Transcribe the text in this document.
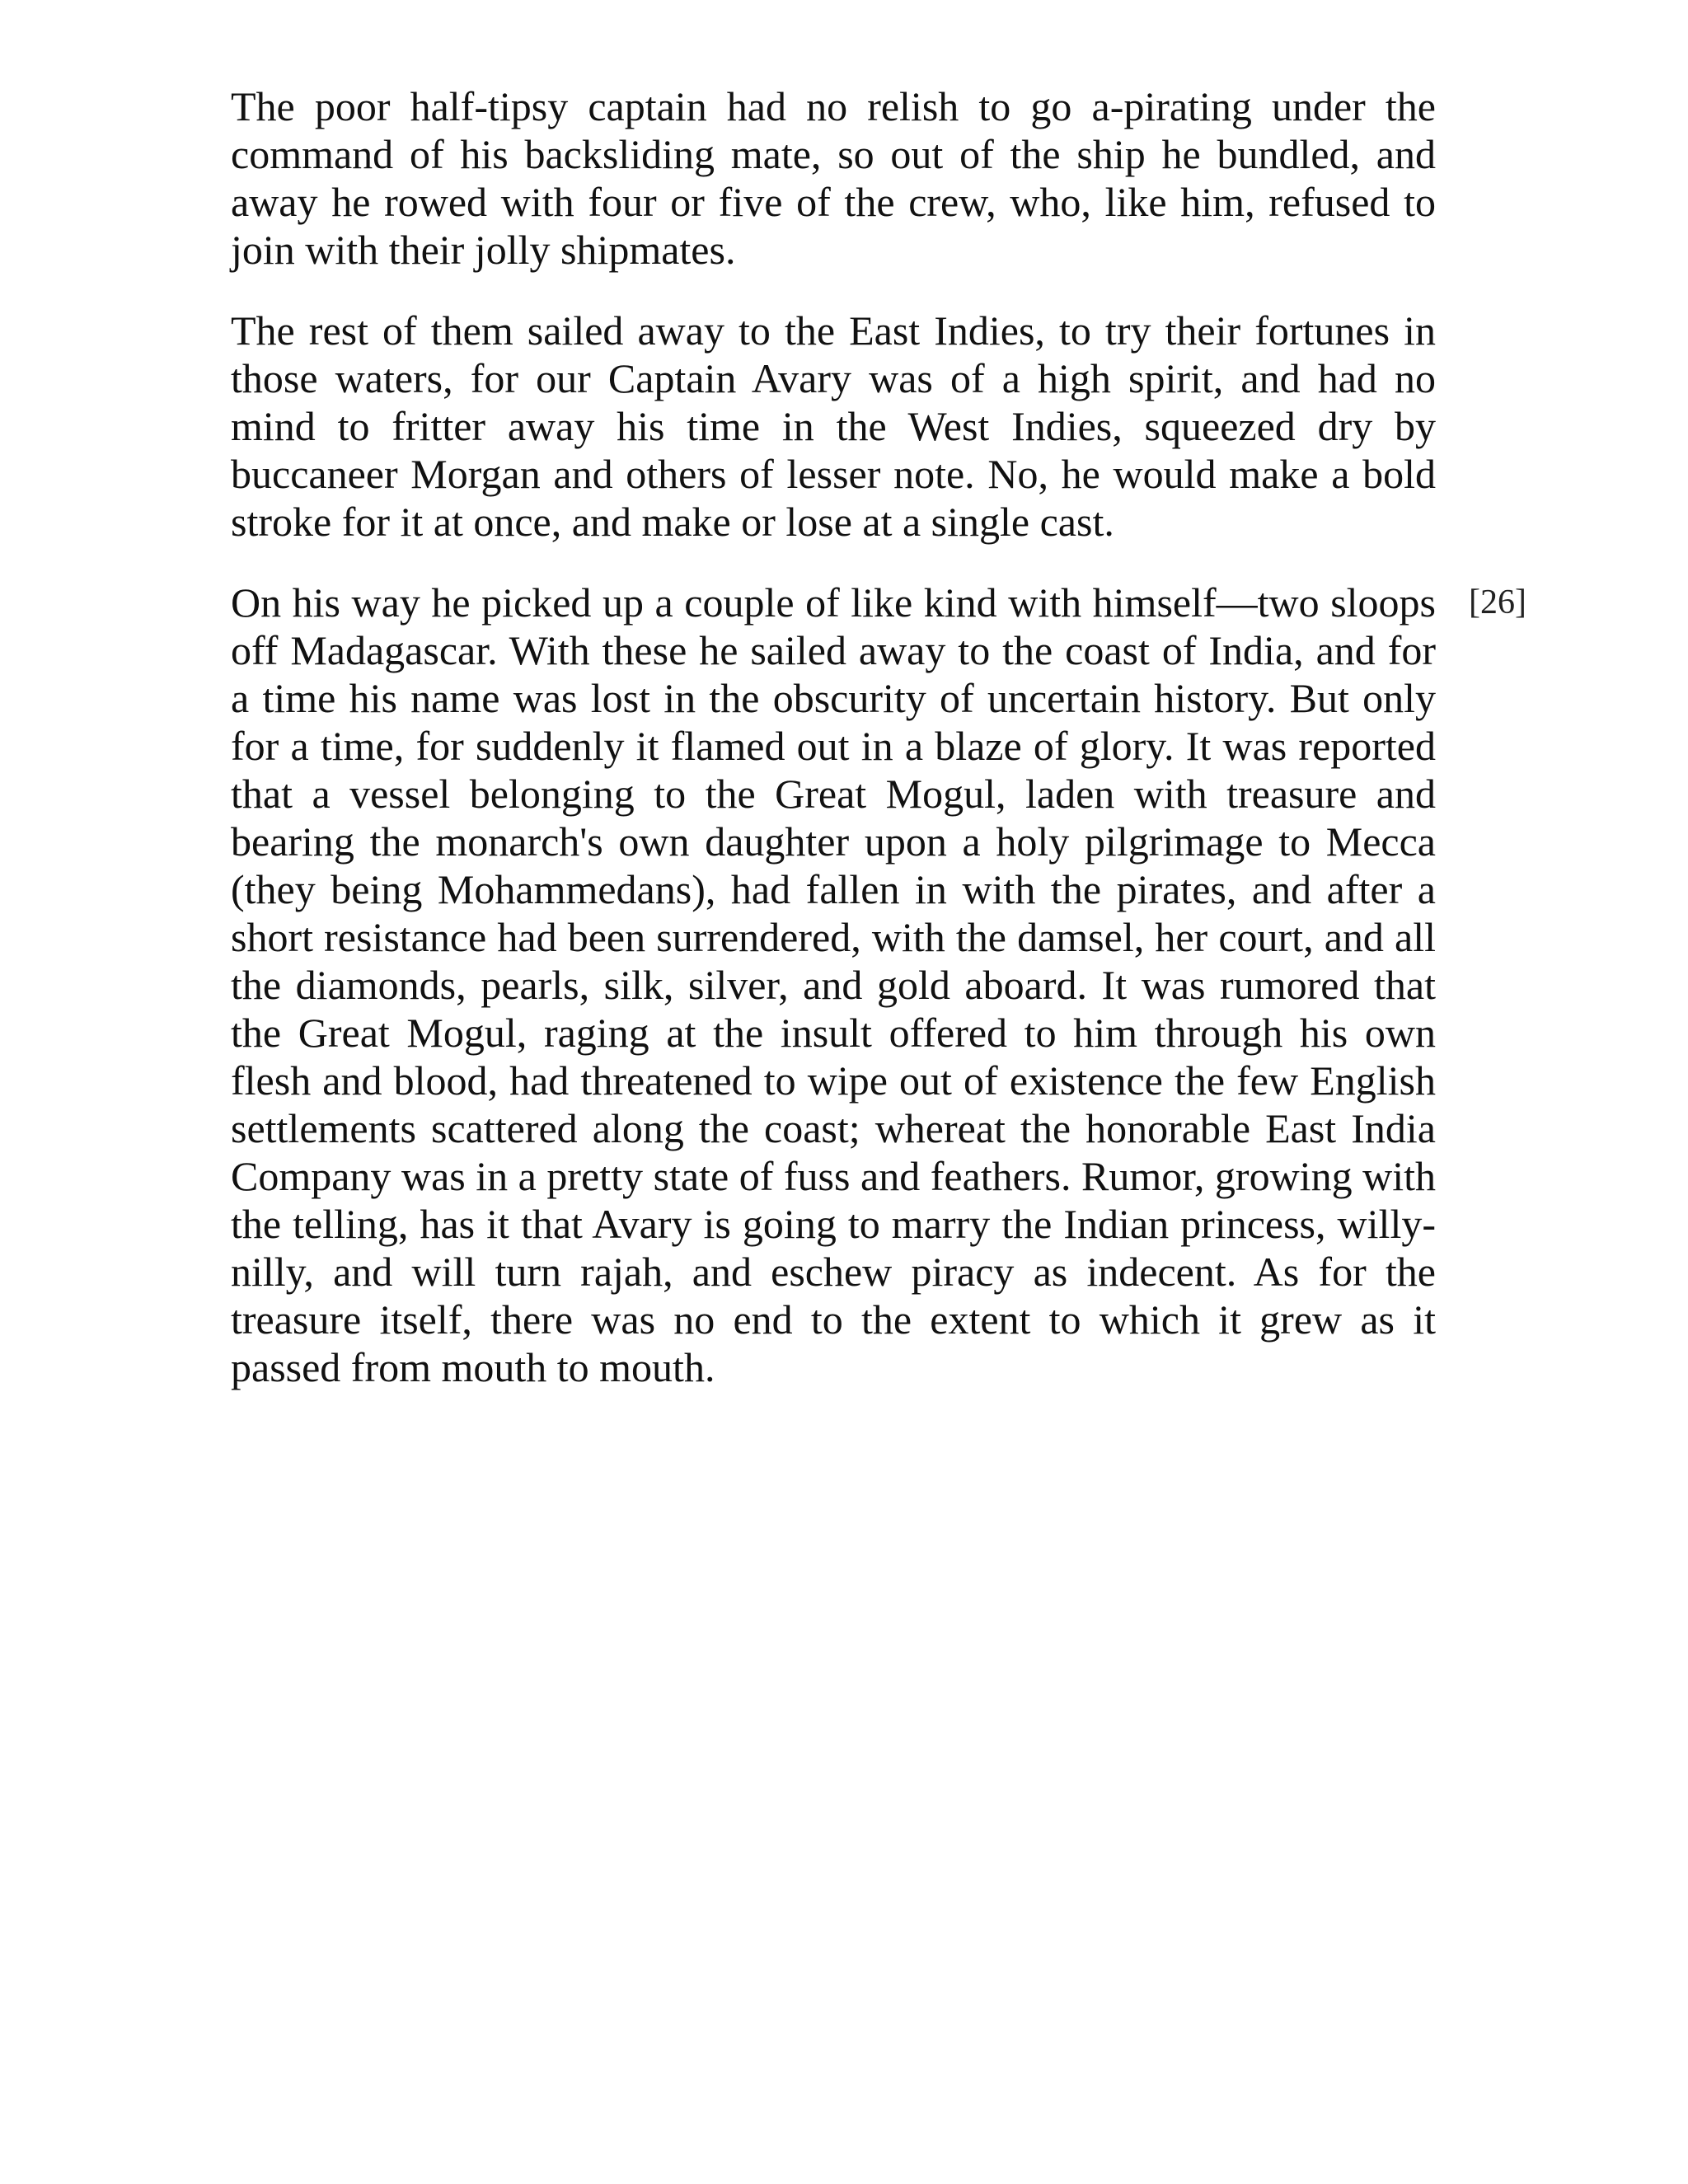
The poor half-tipsy captain had no relish to go a-pirating under the command of his backsliding mate, so out of the ship he bundled, and away he rowed with four or five of the crew, who, like him, refused to join with their jolly shipmates.

The rest of them sailed away to the East Indies, to try their fortunes in those waters, for our Captain Avary was of a high spirit, and had no mind to fritter away his time in the West Indies, squeezed dry by buccaneer Morgan and others of lesser note. No, he would make a bold stroke for it at once, and make or lose at a single cast.

On his way he picked up a couple of like kind with himself—two sloops off Madagascar. With these he sailed away to the coast of India, and for a time his name was lost in the obscurity of uncertain history. But only for a time, for suddenly it flamed out in a blaze of glory. It was reported that a vessel belonging to the Great Mogul, laden with treasure and bearing the monarch's own daughter upon a holy pilgrimage to Mecca (they being Mohammedans), had fallen in with the pirates, and after a short resistance had been surrendered, with the damsel, her court, and all the diamonds, pearls, silk, silver, and gold aboard. It was rumored that the Great Mogul, raging at the insult offered to him through his own flesh and blood, had threatened to wipe out of existence the few English settlements scattered along the coast; whereat the honorable East India Company was in a pretty state of fuss and feathers. Rumor, growing with the telling, has it that Avary is going to marry the Indian princess, willy-nilly, and will turn rajah, and eschew piracy as indecent. As for the treasure itself, there was no end to the extent to which it grew as it passed from mouth to mouth.

[26]
